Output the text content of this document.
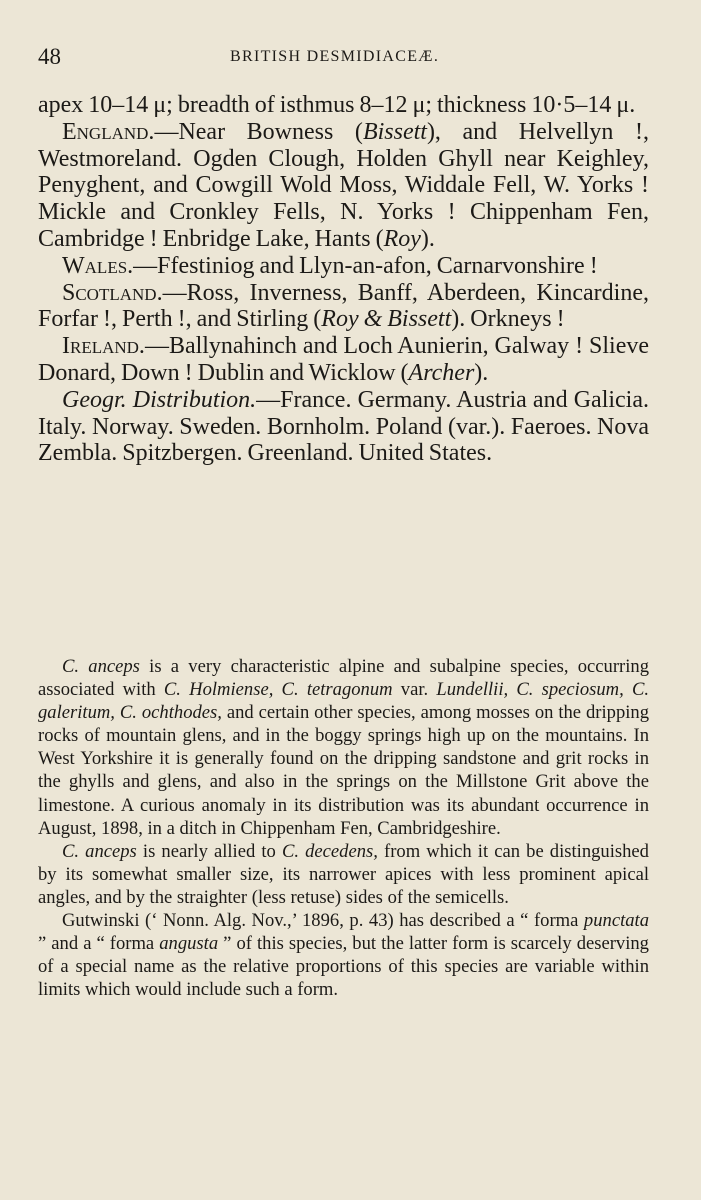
48	BRITISH DESMIDIACEÆ.

apex 10–14 μ; breadth of isthmus 8–12 μ; thickness 10·5–14 μ.

England.—Near Bowness (Bissett), and Helvellyn !, Westmoreland. Ogden Clough, Holden Ghyll near Keighley, Penyghent, and Cowgill Wold Moss, Widdale Fell, W. Yorks ! Mickle and Cronkley Fells, N. Yorks ! Chippenham Fen, Cambridge ! Enbridge Lake, Hants (Roy).

Wales.—Ffestiniog and Llyn-an-afon, Carnarvonshire !

Scotland.—Ross, Inverness, Banff, Aberdeen, Kincardine, Forfar !, Perth !, and Stirling (Roy & Bissett). Orkneys !

Ireland.—Ballynahinch and Loch Aunierin, Galway ! Slieve Donard, Down ! Dublin and Wicklow (Archer).

Geogr. Distribution.—France. Germany. Austria and Galicia. Italy. Norway. Sweden. Bornholm. Poland (var.). Faeroes. Nova Zembla. Spitzbergen. Greenland. United States.

C. anceps is a very characteristic alpine and subalpine species, occurring associated with C. Holmiense, C. tetragonum var. Lundellii, C. speciosum, C. galeritum, C. ochthodes, and certain other species, among mosses on the dripping rocks of mountain glens, and in the boggy springs high up on the mountains. In West Yorkshire it is generally found on the dripping sandstone and grit rocks in the ghylls and glens, and also in the springs on the Millstone Grit above the limestone. A curious anomaly in its distribution was its abundant occurrence in August, 1898, in a ditch in Chippenham Fen, Cambridgeshire.

C. anceps is nearly allied to C. decedens, from which it can be distinguished by its somewhat smaller size, its narrower apices with less prominent apical angles, and by the straighter (less retuse) sides of the semicells.

Gutwinski (‘ Nonn. Alg. Nov.,’ 1896, p. 43) has described a “ forma punctata ” and a “ forma angusta ” of this species, but the latter form is scarcely deserving of a special name as the relative proportions of this species are variable within limits which would include such a form.
